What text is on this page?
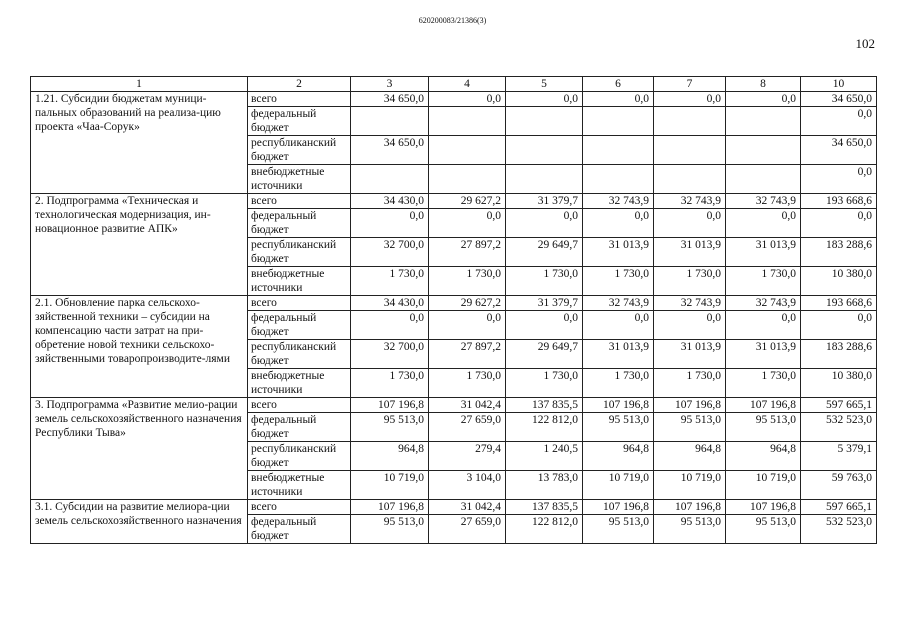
620200083/21386(3)
102
1	2	3	4	5	6	7	8	10
1.21. Субсидии бюджетам муници-пальных образований на реализа-цию проекта «Чаа-Сорук»	всего	34 650,0	0,0	0,0	0,0	0,0	0,0	34 650,0
	федеральный бюджет							0,0
	республиканский бюджет	34 650,0						34 650,0
	внебюджетные источники							0,0
2. Подпрограмма «Техническая и технологическая модернизация, ин-новационное развитие АПК»	всего	34 430,0	29 627,2	31 379,7	32 743,9	32 743,9	32 743,9	193 668,6
	федеральный бюджет	0,0	0,0	0,0	0,0	0,0	0,0	0,0
	республиканский бюджет	32 700,0	27 897,2	29 649,7	31 013,9	31 013,9	31 013,9	183 288,6
	внебюджетные источники	1 730,0	1 730,0	1 730,0	1 730,0	1 730,0	1 730,0	10 380,0
2.1. Обновление парка сельскохо-зяйственной техники – субсидии на компенсацию части затрат на при-обретение новой техники сельскохо-зяйственными товаропроизводите-лями	всего	34 430,0	29 627,2	31 379,7	32 743,9	32 743,9	32 743,9	193 668,6
	федеральный бюджет	0,0	0,0	0,0	0,0	0,0	0,0	0,0
	республиканский бюджет	32 700,0	27 897,2	29 649,7	31 013,9	31 013,9	31 013,9	183 288,6
	внебюджетные источники	1 730,0	1 730,0	1 730,0	1 730,0	1 730,0	1 730,0	10 380,0
3. Подпрограмма «Развитие мелио-рации земель сельскохозяйственного назначения Республики Тыва»	всего	107 196,8	31 042,4	137 835,5	107 196,8	107 196,8	107 196,8	597 665,1
	федеральный бюджет	95 513,0	27 659,0	122 812,0	95 513,0	95 513,0	95 513,0	532 523,0
	республиканский бюджет	964,8	279,4	1 240,5	964,8	964,8	964,8	5 379,1
	внебюджетные источники	10 719,0	3 104,0	13 783,0	10 719,0	10 719,0	10 719,0	59 763,0
3.1. Субсидии на развитие мелиора-ции земель сельскохозяйственного назначения	всего	107 196,8	31 042,4	137 835,5	107 196,8	107 196,8	107 196,8	597 665,1
	федеральный бюджет	95 513,0	27 659,0	122 812,0	95 513,0	95 513,0	95 513,0	532 523,0
